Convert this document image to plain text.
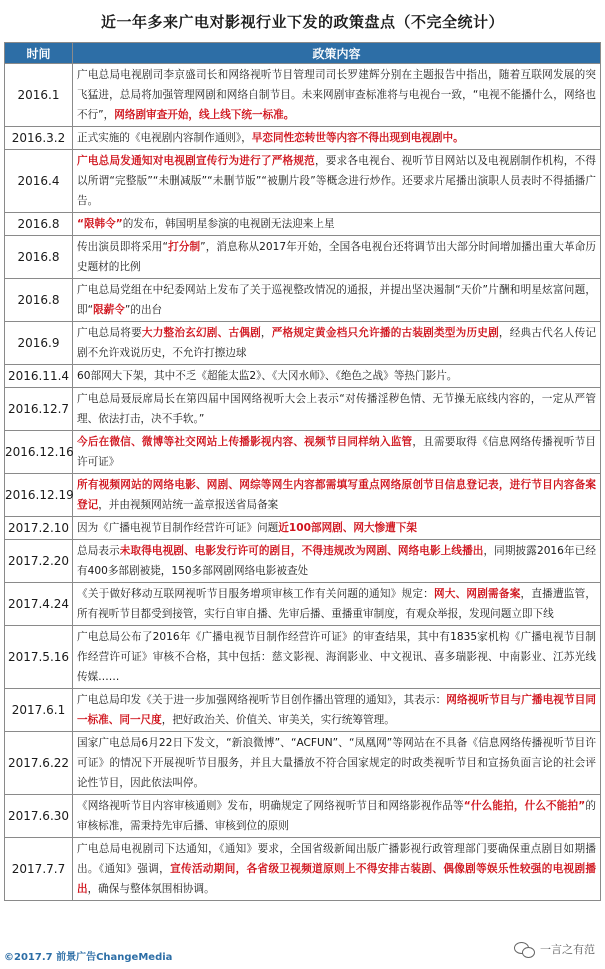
近一年多来广电对影视行业下发的政策盘点（不完全统计）
时间	政策内容
2016.1	广电总局电视剧司李京盛司长和网络视听节目管理司司长罗建辉分别在主题报告中指出，随着互联网发展的突飞猛进，总局将加强管理网剧和网络自制节目。未来网剧审查标准将与电视台一致，“电视不能播什么，网络也不行”，网络剧审查开始，线上线下统一标准。
2016.3.2	正式实施的《电视剧内容制作通则》，早恋同性恋转世等内容不得出现到电视剧中。
2016.4	广电总局发通知对电视剧宣传行为进行了严格规范，要求各电视台、视听节目网站以及电视剧制作机构，不得以所谓“完整版”“未删减版”“未删节版”“被删片段”等概念进行炒作。还要求片尾播出演职人员表时不得插播广告。
2016.8	“限韩令”的发布，韩国明星参演的电视剧无法迎来上星
2016.8	传出演员即将采用“打分制”，消息称从2017年开始，全国各电视台还将调节出大部分时间增加播出重大革命历史题材的比例
2016.8	广电总局党组在中纪委网站上发布了关于巡视整改情况的通报，并提出坚决遏制“天价”片酬和明星炫富问题，即“限薪令”的出台
2016.9	广电总局将要大力整治玄幻剧、古偶剧，严格规定黄金档只允许播的古装剧类型为历史剧，经典古代名人传记剧不允许戏说历史，不允许打擦边球
2016.11.4	60部网大下架，其中不乏《超能太监2》、《大冈水师》、《绝色之战》等热门影片。
2016.12.7	广电总局聂辰席局长在第四届中国网络视听大会上表示“对传播淫秽色情、无节操无底线内容的，一定从严管理、依法打击，决不手软。”
2016.12.16	今后在微信、微博等社交网站上传播影视内容、视频节目同样纳入监管，且需要取得《信息网络传播视听节目许可证》
2016.12.19	所有视频网站的网络电影、网剧、网综等网生内容都需填写重点网络原创节目信息登记表，进行节目内容备案登记，并由视频网站统一盖章报送省局备案
2017.2.10	因为《广播电视节目制作经营许可证》问题近100部网剧、网大惨遭下架
2017.2.20	总局表示未取得电视剧、电影发行许可的剧目，不得违规改为网剧、网络电影上线播出，同期披露2016年已经有400多部剧被毙，150多部网剧网络电影被查处
2017.4.24	《关于做好移动互联网视听节目服务增项审核工作有关问题的通知》规定：网大、网剧需备案，直播遭监管，所有视听节目都受到接管，实行自审自播、先审后播、重播重审制度，有观众举报，发现问题立即下线
2017.5.16	广电总局公布了2016年《广播电视节目制作经营许可证》的审查结果，其中有1835家机构《广播电视节目制作经营许可证》审核不合格，其中包括：慈文影视、海润影业、中文视讯、喜多瑞影视、中南影业、江苏光线传媒……
2017.6.1	广电总局印发《关于进一步加强网络视听节目创作播出管理的通知》，其表示：网络视听节目与广播电视节目同一标准、同一尺度，把好政治关、价值关、审美关，实行统筹管理。
2017.6.22	国家广电总局6月22日下发文，“新浪微博”、“ACFUN”、“凤凰网”等网站在不具备《信息网络传播视听节目许可证》的情况下开展视听节目服务，并且大量播放不符合国家规定的时政类视听节目和宣扬负面言论的社会评论性节目，因此依法叫停。
2017.6.30	《网络视听节目内容审核通则》发布，明确规定了网络视听节目和网络影视作品等“什么能拍，什么不能拍”的审核标准，需秉持先审后播、审核到位的原则
2017.7.7	广电总局电视剧司下达通知，《通知》要求，全国省级新闻出版广播影视行政管理部门要确保重点剧目如期播出。《通知》强调，宣传活动期间，各省级卫视频道原则上不得安排古装剧、偶像剧等娱乐性较强的电视剧播出，确保与整体氛围相协调。
©2017.7 前景广告ChangeMedia
一言之有范
